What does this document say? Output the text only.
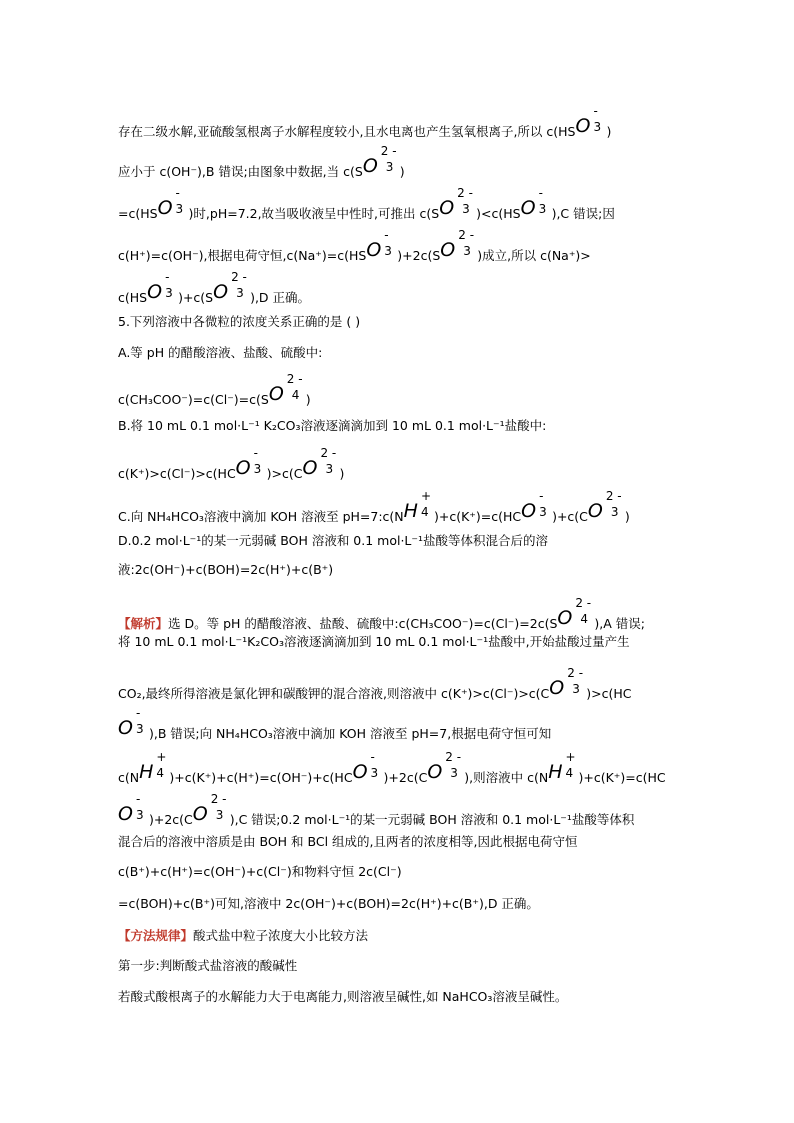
存在二级水解,亚硫酸氢根离子水解程度较小,且水电离也产生氢氧根离子,所以 c(HSO
-
3 )
应小于 c(OH⁻),B 错误;由图象中数据,当 c(SO
2 -
3 )
=c(HSO
-
3 )时,pH=7.2,故当吸收液呈中性时,可推出 c(SO
2 -
3 )<c(HSO
-
3 ),C 错误;因
c(H⁺)=c(OH⁻),根据电荷守恒,c(Na⁺)=c(HSO
-
3 )+2c(SO
2 -
3 )成立,所以 c(Na⁺)>
c(HSO
-
3 )+c(SO
2 -
3 ),D 正确。
5.下列溶液中各微粒的浓度关系正确的是 ( )
A.等 pH 的醋酸溶液、盐酸、硫酸中:
c(CH₃COO⁻)=c(Cl⁻)=c(SO
2 -
4 )
B.将 10 mL 0.1 mol·L⁻¹ K₂CO₃溶液逐滴滴加到 10 mL 0.1 mol·L⁻¹盐酸中:
c(K⁺)>c(Cl⁻)>c(HCO
-
3 )>c(CO
2 -
3 )
C.向 NH₄HCO₃溶液中滴加 KOH 溶液至 pH=7:c(NH
+
4 )+c(K⁺)=c(HCO
-
3 )+c(CO
2 -
3 )
D.0.2 mol·L⁻¹的某一元弱碱 BOH 溶液和 0.1 mol·L⁻¹盐酸等体积混合后的溶
液:2c(OH⁻)+c(BOH)=2c(H⁺)+c(B⁺)
【解析】选 D。等 pH 的醋酸溶液、盐酸、硫酸中:c(CH₃COO⁻)=c(Cl⁻)=2c(SO
2 -
4 ),A 错误;
将 10 mL 0.1 mol·L⁻¹K₂CO₃溶液逐滴滴加到 10 mL 0.1 mol·L⁻¹盐酸中,开始盐酸过量产生
CO₂,最终所得溶液是氯化钾和碳酸钾的混合溶液,则溶液中 c(K⁺)>c(Cl⁻)>c(CO
2 -
3 )>c(HC
O
-
3 ),B 错误;向 NH₄HCO₃溶液中滴加 KOH 溶液至 pH=7,根据电荷守恒可知
c(NH
+
4 )+c(K⁺)+c(H⁺)=c(OH⁻)+c(HCO
-
3 )+2c(CO
2 -
3 ),则溶液中 c(NH
+
4 )+c(K⁺)=c(HC
O
-
3 )+2c(CO
2 -
3 ),C 错误;0.2 mol·L⁻¹的某一元弱碱 BOH 溶液和 0.1 mol·L⁻¹盐酸等体积
混合后的溶液中溶质是由 BOH 和 BCl 组成的,且两者的浓度相等,因此根据电荷守恒
c(B⁺)+c(H⁺)=c(OH⁻)+c(Cl⁻)和物料守恒 2c(Cl⁻)
=c(BOH)+c(B⁺)可知,溶液中 2c(OH⁻)+c(BOH)=2c(H⁺)+c(B⁺),D 正确。
【方法规律】酸式盐中粒子浓度大小比较方法
第一步:判断酸式盐溶液的酸碱性
若酸式酸根离子的水解能力大于电离能力,则溶液呈碱性,如 NaHCO₃溶液呈碱性。
